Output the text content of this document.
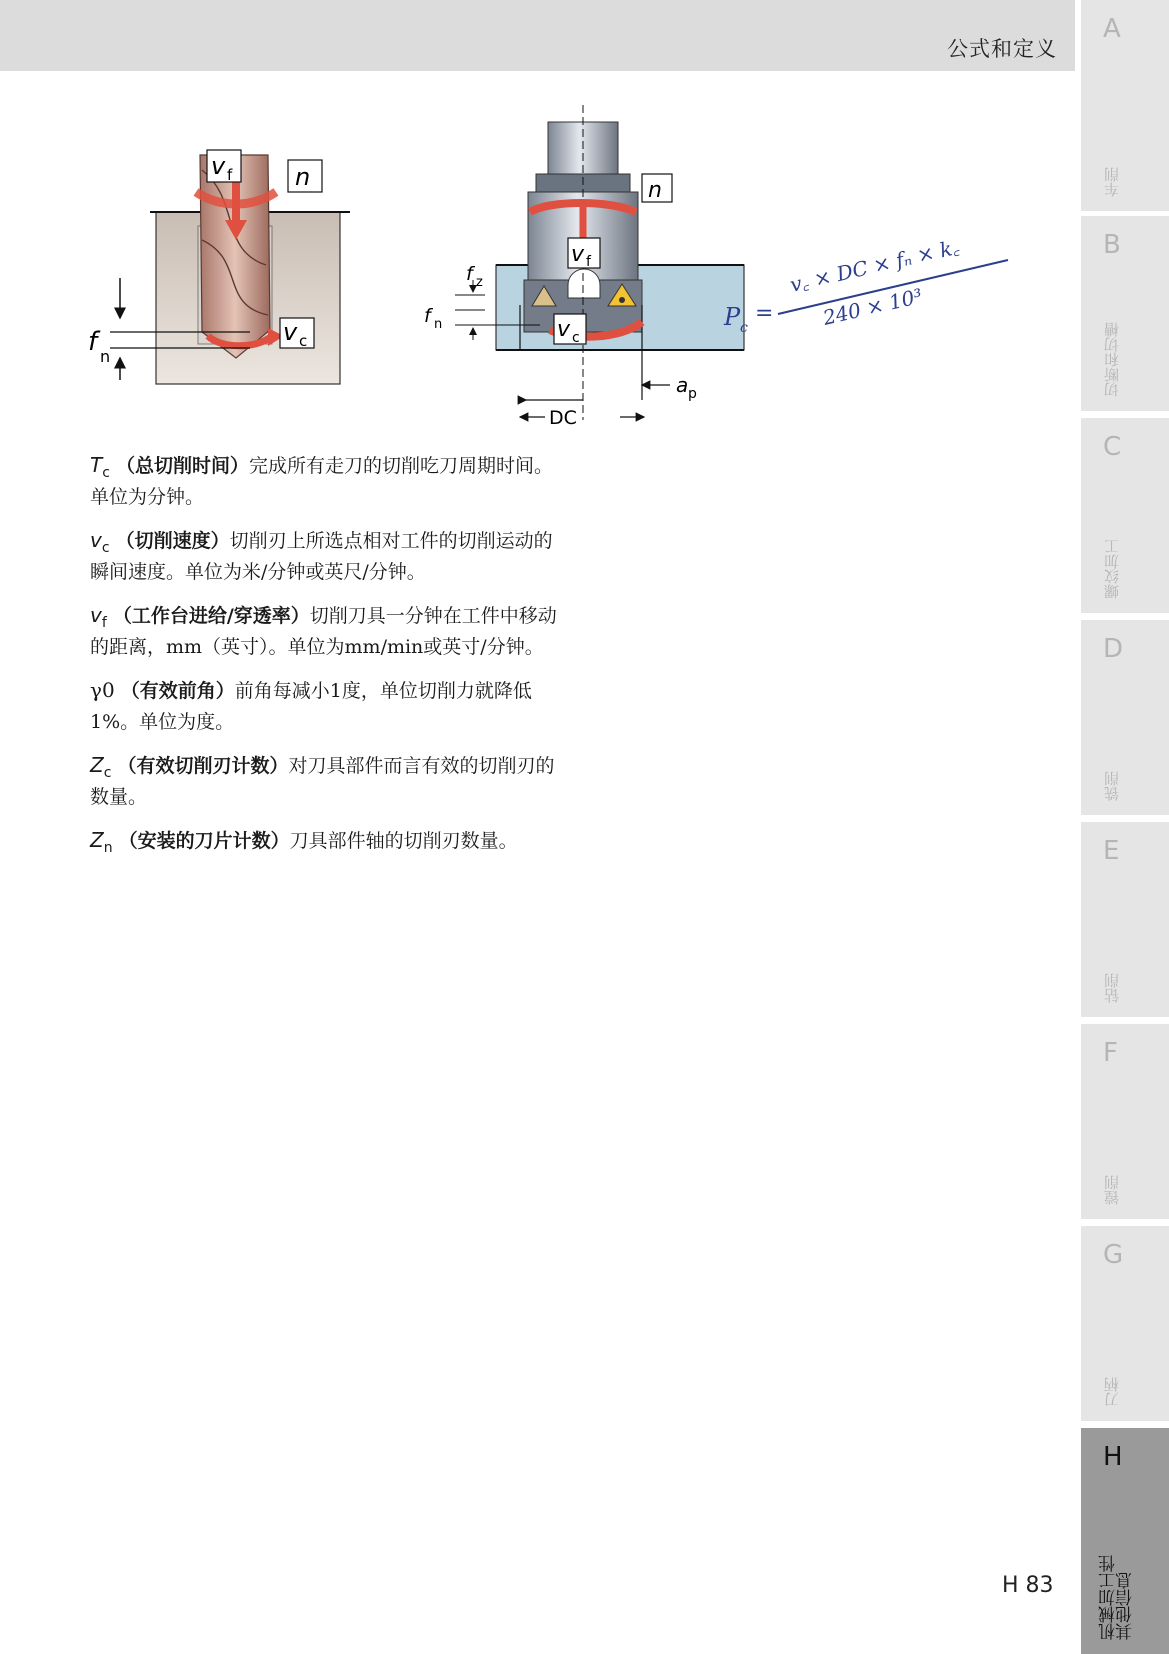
公式和定义
A
车削
B
切断和切槽
C
螺纹加工
D
铣削
E
钻削
F
镗削
G
刀柄
H
机械加工性
其他信息
v f	n
v c
f n
n
v f
v c
f z
f n
DC
a p
P c
=
v꜀ × DC × fₙ × k꜀
240 × 10³

$T_c$ （总切削时间）完成所有走刀的切削吃刀周期时间。单位为分钟。

$v_c$ （切削速度）切削刃上所选点相对工件的切削运动的瞬间速度。单位为米/分钟或英尺/分钟。

$v_f$ （工作台进给/穿透率）切削刀具一分钟在工件中移动的距离，mm（英寸）。单位为mm/min或英寸/分钟。

γ0 （有效前角）前角每减小1度，单位切削力就降低1%。单位为度。

$Z_c$ （有效切削刃计数）对刀具部件而言有效的切削刃的数量。

$Z_n$ （安装的刀片计数）刀具部件轴的切削刃数量。

H 83
